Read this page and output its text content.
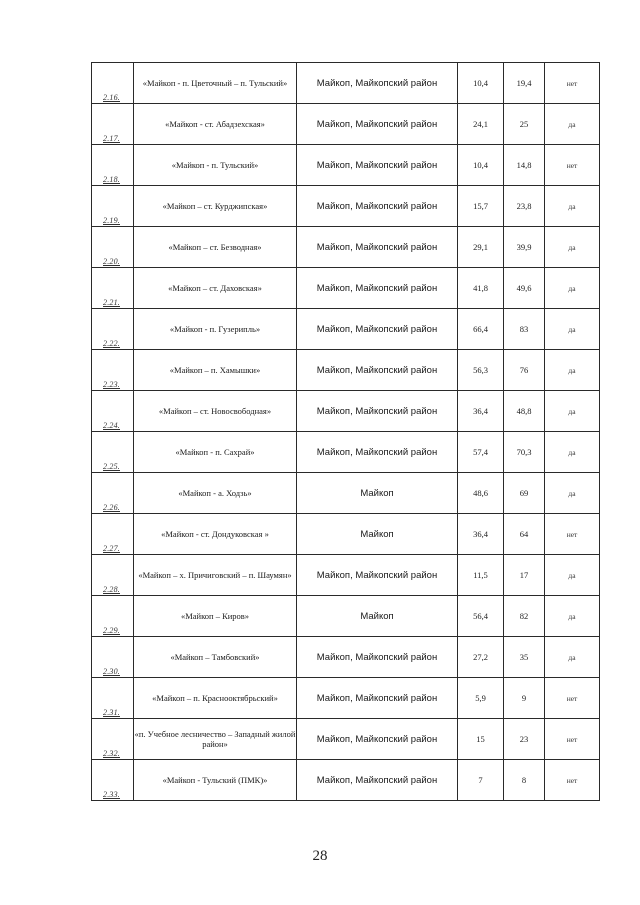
2.16.	«Майкоп - п. Цветочный – п. Тульский»	Майкоп, Майкопский район	10,4	19,4	нет

2.17.	«Майкоп - ст. Абадзехская»	Майкоп, Майкопский район	24,1	25	да

2.18.	«Майкоп - п. Тульский»	Майкоп, Майкопский район	10,4	14,8	нет

2.19.	«Майкоп – ст. Курджипская»	Майкоп, Майкопский район	15,7	23,8	да

2.20.	«Майкоп – ст. Безводная»	Майкоп, Майкопский район	29,1	39,9	да

2.21.	«Майкоп – ст. Даховская»	Майкоп, Майкопский район	41,8	49,6	да

2.22.	«Майкоп - п. Гузерипль»	Майкоп, Майкопский район	66,4	83	да

2.23.	«Майкоп – п. Хамышки»	Майкоп, Майкопский район	56,3	76	да

2.24.	«Майкоп – ст. Новосвободная»	Майкоп, Майкопский район	36,4	48,8	да

2.25.	«Майкоп - п. Сахрай»	Майкоп, Майкопский район	57,4	70,3	да

2.26.	«Майкоп - а. Ходзь»	Майкоп	48,6	69	да

2.27.	«Майкоп - ст. Дондуковская »	Майкоп	36,4	64	нет

2.28.	«Майкоп – х. Причиговский – п. Шаумян»	Майкоп, Майкопский район	11,5	17	да

2.29.	«Майкоп – Киров»	Майкоп	56,4	82	да

2.30.	«Майкоп – Тамбовский»	Майкоп, Майкопский район	27,2	35	да

2.31.	«Майкоп – п. Краснооктябрьский»	Майкоп, Майкопский район	5,9	9	нет

2.32.	«п. Учебное лесничество – Западный жилой район»	Майкоп, Майкопский район	15	23	нет

2.33.	«Майкоп - Тульский (ПМК)»	Майкоп, Майкопский район	7	8	нет
28
